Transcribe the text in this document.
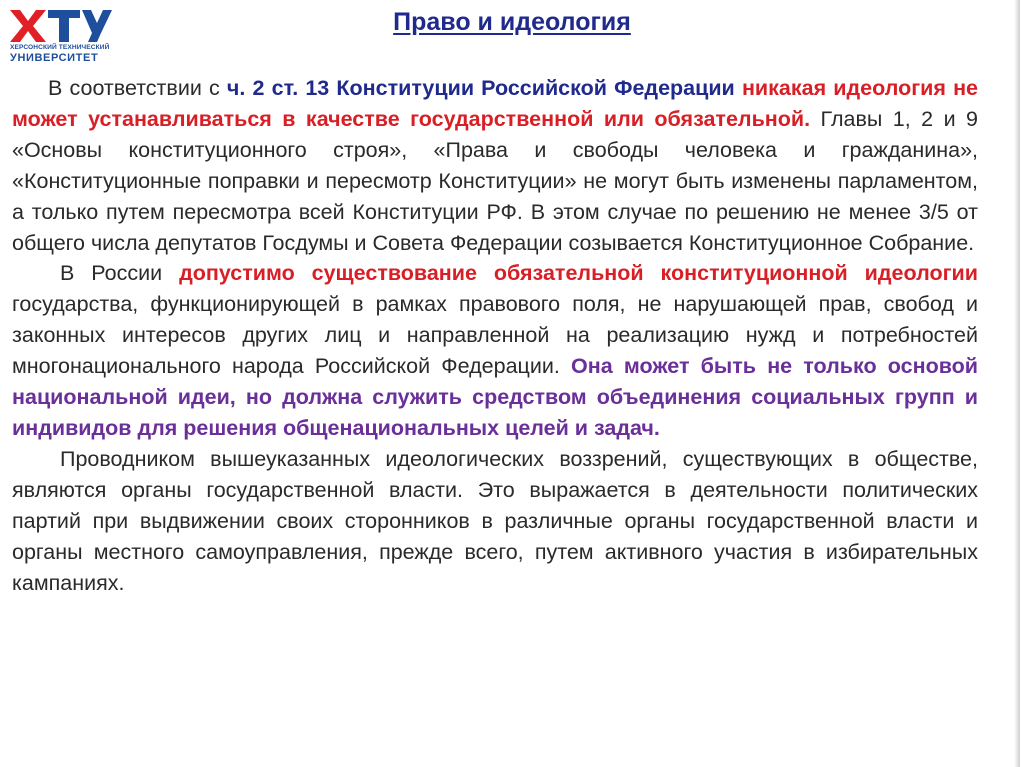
ХЕРСОНСКИЙ ТЕХНИЧЕСКИЙ
УНИВЕРСИТЕТ
Право и идеология

В соответствии с ч. 2 ст. 13 Конституции Российской Федерации никакая идеология не может устанавливаться в качестве государственной или обязательной. Главы 1, 2 и 9 «Основы конституционного строя», «Права и свободы человека и гражданина», «Конституционные поправки и пересмотр Конституции» не могут быть изменены парламентом, а только путем пересмотра всей Конституции РФ. В этом случае по решению не менее 3/5 от общего числа депутатов Госдумы и Совета Федерации созывается Конституционное Собрание.

В России допустимо существование обязательной конституционной идеологии государства, функционирующей в рамках правового поля, не нарушающей прав, свобод и законных интересов других лиц и направленной на реализацию нужд и потребностей многонационального народа Российской Федерации. Она может быть не только основой национальной идеи, но должна служить средством объединения социальных групп и индивидов для решения общенациональных целей и задач.

Проводником вышеуказанных идеологических воззрений, существующих в обществе, являются органы государственной власти. Это выражается в деятельности политических партий при выдвижении своих сторонников в различные органы государственной власти и органы местного самоуправления, прежде всего, путем активного участия в избирательных кампаниях.
